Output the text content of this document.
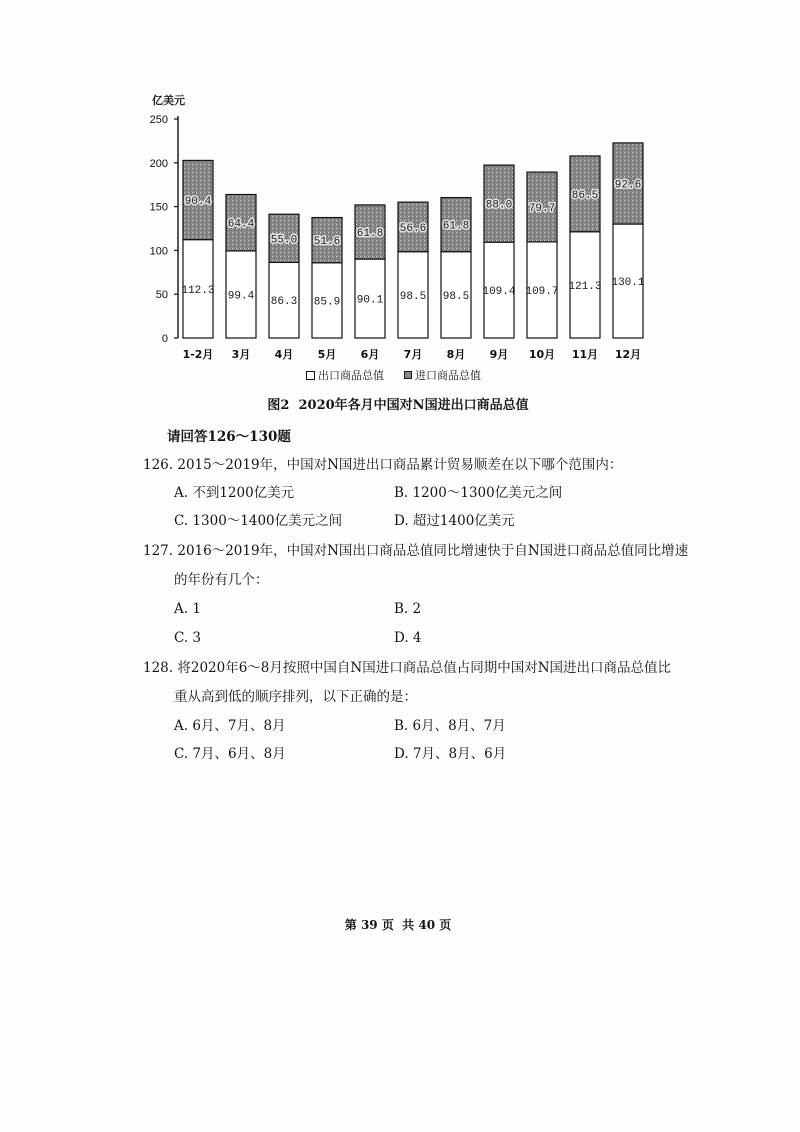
0
50
100
150
200
250
112.3
90.4
1-2月
99.4
64.4
3月
86.3
55.0
4月
85.9
51.6
5月
90.1
61.8
6月
98.5
56.6
7月
98.5
61.8
8月
109.4
88.0
9月
109.7
79.7
10月
121.3
86.5
11月
130.1
92.6
12月
亿美元
出口商品总值	进口商品总值
图2  2020年各月中国对N国进出口商品总值
请回答126～130题
126. 2015～2019年，中国对N国进出口商品累计贸易顺差在以下哪个范围内：
A. 不到1200亿美元	B. 1200～1300亿美元之间
C. 1300～1400亿美元之间	D. 超过1400亿美元
127. 2016～2019年，中国对N国出口商品总值同比增速快于自N国进口商品总值同比增速
的年份有几个：
A. 1	B. 2
C. 3	D. 4
128. 将2020年6～8月按照中国自N国进口商品总值占同期中国对N国进出口商品总值比
重从高到低的顺序排列，以下正确的是：
A. 6月、7月、8月	B. 6月、8月、7月
C. 7月、6月、8月	D. 7月、8月、6月
第 39 页  共 40 页
